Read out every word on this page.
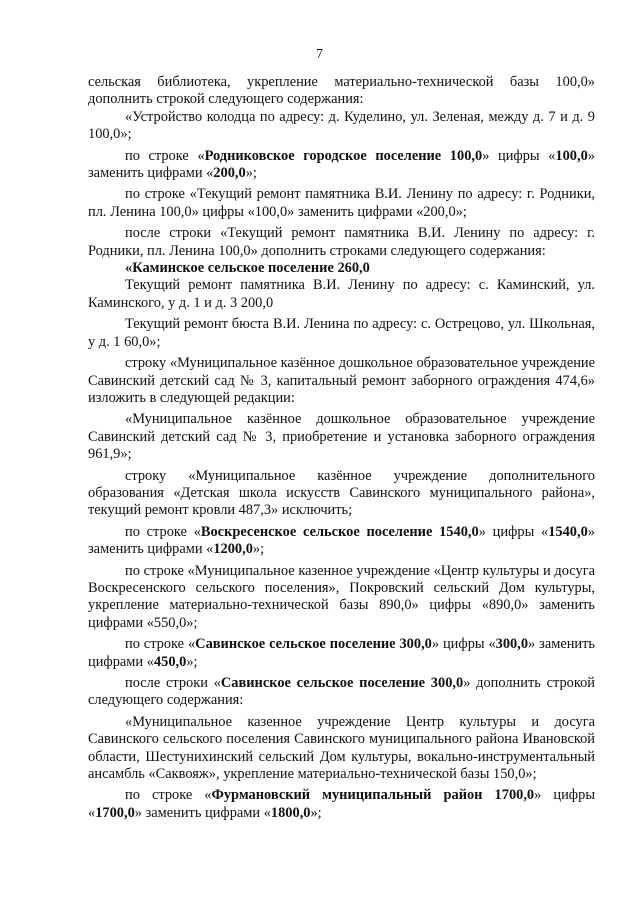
7

сельская библиотека, укрепление материально-технической базы 100,0» дополнить строкой следующего содержания:

«Устройство колодца по адресу: д. Куделино, ул. Зеленая, между д. 7 и д. 9 100,0»;

по строке «Родниковское городское поселение 100,0» цифры «100,0» заменить цифрами «200,0»;

по строке «Текущий ремонт памятника В.И. Ленину по адресу: г. Родники, пл. Ленина 100,0» цифры «100,0» заменить цифрами «200,0»;

после строки «Текущий ремонт памятника В.И. Ленину по адресу: г. Родники, пл. Ленина 100,0» дополнить строками следующего содержания:

«Каминское сельское поселение 260,0

Текущий ремонт памятника В.И. Ленину по адресу: с. Каминский, ул. Каминского, у д. 1 и д. 3 200,0

Текущий ремонт бюста В.И. Ленина по адресу: с. Острецово, ул. Школьная, у д. 1 60,0»;

строку «Муниципальное казённое дошкольное образовательное учреждение Савинский детский сад № 3, капитальный ремонт заборного ограждения 474,6» изложить в следующей редакции:

«Муниципальное казённое дошкольное образовательное учреждение Савинский детский сад № 3, приобретение и установка заборного ограждения 961,9»;

строку «Муниципальное казённое учреждение дополнительного образования «Детская школа искусств Савинского муниципального района», текущий ремонт кровли 487,3» исключить;

по строке «Воскресенское сельское поселение 1540,0» цифры «1540,0» заменить цифрами «1200,0»;

по строке «Муниципальное казенное учреждение «Центр культуры и досуга Воскресенского сельского поселения», Покровский сельский Дом культуры, укрепление материально-технической базы 890,0» цифры «890,0» заменить цифрами «550,0»;

по строке «Савинское сельское поселение 300,0» цифры «300,0» заменить цифрами «450,0»;

после строки «Савинское сельское поселение 300,0» дополнить строкой следующего содержания:

«Муниципальное казенное учреждение Центр культуры и досуга Савинского сельского поселения Савинского муниципального района Ивановской области, Шестунихинский сельский Дом культуры, вокально-инструментальный ансамбль «Саквояж», укрепление материально-технической базы 150,0»;

по строке «Фурмановский муниципальный район 1700,0» цифры «1700,0» заменить цифрами «1800,0»;
